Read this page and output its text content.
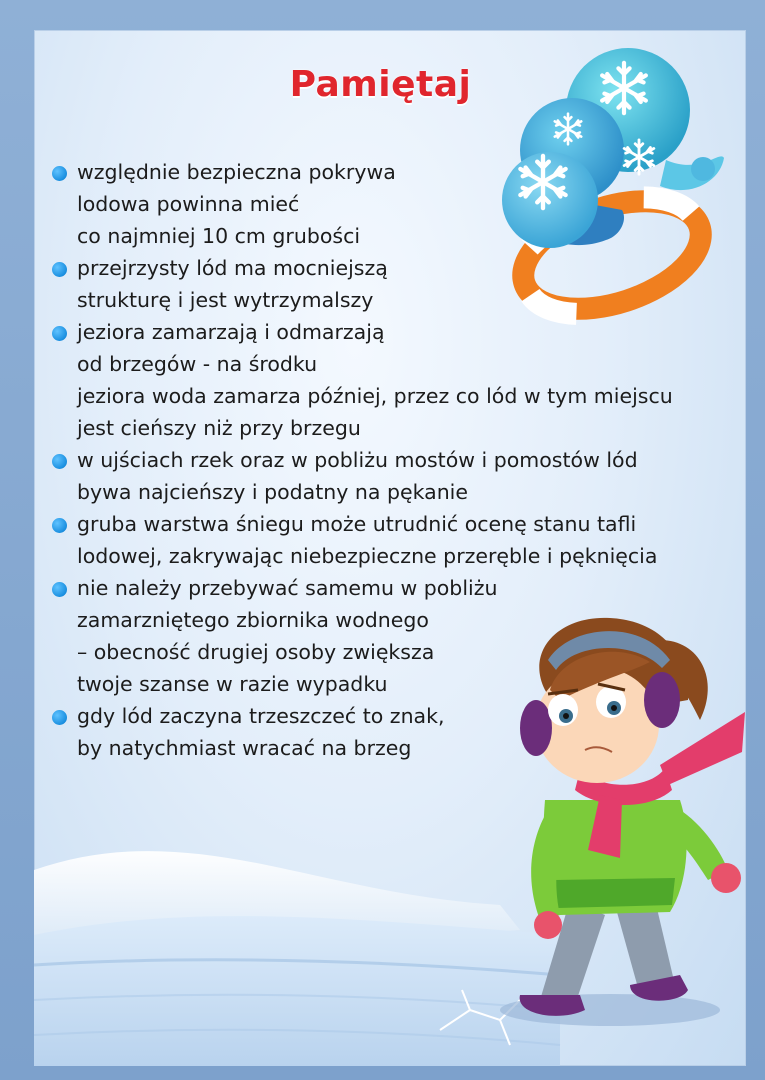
Pamiętaj
względnie bezpieczna pokrywa
lodowa powinna mieć
co najmniej 10 cm grubości
przejrzysty lód ma mocniejszą
strukturę i jest wytrzymalszy
jeziora zamarzają i odmarzają
od brzegów - na środku
jeziora woda zamarza później, przez co lód w tym miejscu
jest cieńszy niż przy brzegu
w ujściach rzek oraz w pobliżu mostów i pomostów lód
bywa najcieńszy i podatny na pękanie
gruba warstwa śniegu może utrudnić ocenę stanu tafli
lodowej, zakrywając niebezpieczne przeręble i pęknięcia
nie należy przebywać samemu w pobliżu
zamarzniętego zbiornika wodnego
– obecność drugiej osoby zwiększa
twoje szanse w razie wypadku
gdy lód zaczyna trzeszczeć to znak,
by natychmiast wracać na brzeg
